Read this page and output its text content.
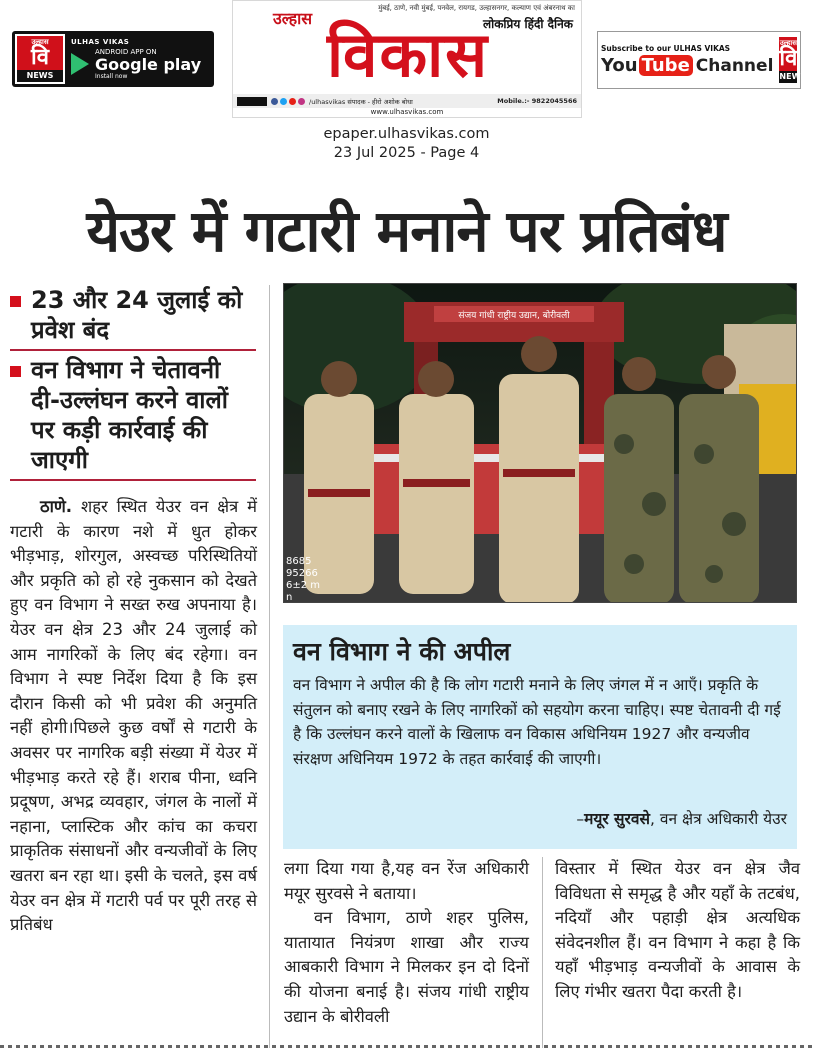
उल्हास
वि
NEWS
ULHAS VIKAS
ANDROID APP ON
Google play
Install now
मुंबई, ठाणे, नवी मुंबई, पनवेल, रायगड, उल्हासनगर, कल्याण एवं अंबरनाथ का
लोकप्रिय हिंदी दैनिक
उल्हास विकास
/ulhasvikas संपादक - हीरो अशोक बोधा	Mobile.:- 9822045566
www.ulhasvikas.com
Subscribe to our ULHAS VIKAS
You Tube Channel
उल्हास
वि
NEWS
epaper.ulhasvikas.com
23 Jul 2025 - Page 4
येउर में गटारी मनाने पर प्रतिबंध
23 और 24 जुलाई को प्रवेश बंद
वन विभाग ने चेतावनी दी-उल्लंघन करने वालों पर कड़ी कार्रवाई की जाएगी
ठाणे. शहर स्थित येउर वन क्षेत्र में गटारी के कारण नशे में धुत होकर भीड़भाड़, शोरगुल, अस्वच्छ परिस्थितियों और प्रकृति को हो रहे नुकसान को देखते हुए वन विभाग ने सख्त रुख अपनाया है। येउर वन क्षेत्र 23 और 24 जुलाई को आम नागरिकों के लिए बंद रहेगा। वन विभाग ने स्पष्ट निर्देश दिया है कि इस दौरान किसी को भी प्रवेश की अनुमति नहीं होगी।पिछले कुछ वर्षों से गटारी के अवसर पर नागरिक बड़ी संख्या में येउर में भीड़भाड़ करते रहे हैं। शराब पीना, ध्वनि प्रदूषण, अभद्र व्यवहार, जंगल के नालों में नहाना, प्लास्टिक और कांच का कचरा प्राकृतिक संसाधनों और वन्यजीवों के लिए खतरा बन रहा था। इसी के चलते, इस वर्ष येउर वन क्षेत्र में गटारी पर्व पर पूरी तरह से प्रतिबंध

लगा दिया गया है,यह वन रेंज अधिकारी मयूर सुरवसे ने बताया।

वन विभाग, ठाणे शहर पुलिस, यातायात नियंत्रण शाखा और राज्य आबकारी विभाग ने मिलकर इन दो दिनों की योजना बनाई है। संजय गांधी राष्ट्रीय उद्यान के बोरीवली

विस्तार में स्थित येउर वन क्षेत्र जैव विविधता से समृद्ध है और यहाँ के तटबंध, नदियाँ और पहाड़ी क्षेत्र अत्यधिक संवेदनशील हैं। वन विभाग ने कहा है कि यहाँ भीड़भाड़ वन्यजीवों के आवास के लिए गंभीर खतरा पैदा करती है।

संजय गांधी राष्ट्रीय उद्यान, बोरीवली
8685
95266
6±2 m
n
वन विभाग ने की अपील
वन विभाग ने अपील की है कि लोग गटारी मनाने के लिए जंगल में न आएँ। प्रकृति के संतुलन को बनाए रखने के लिए नागरिकों को सहयोग करना चाहिए। स्पष्ट चेतावनी दी गई है कि उल्लंघन करने वालों के खिलाफ वन विकास अधिनियम 1927 और वन्यजीव संरक्षण अधिनियम 1972 के तहत कार्रवाई की जाएगी।
–मयूर सुरवसे, वन क्षेत्र अधिकारी येउर
